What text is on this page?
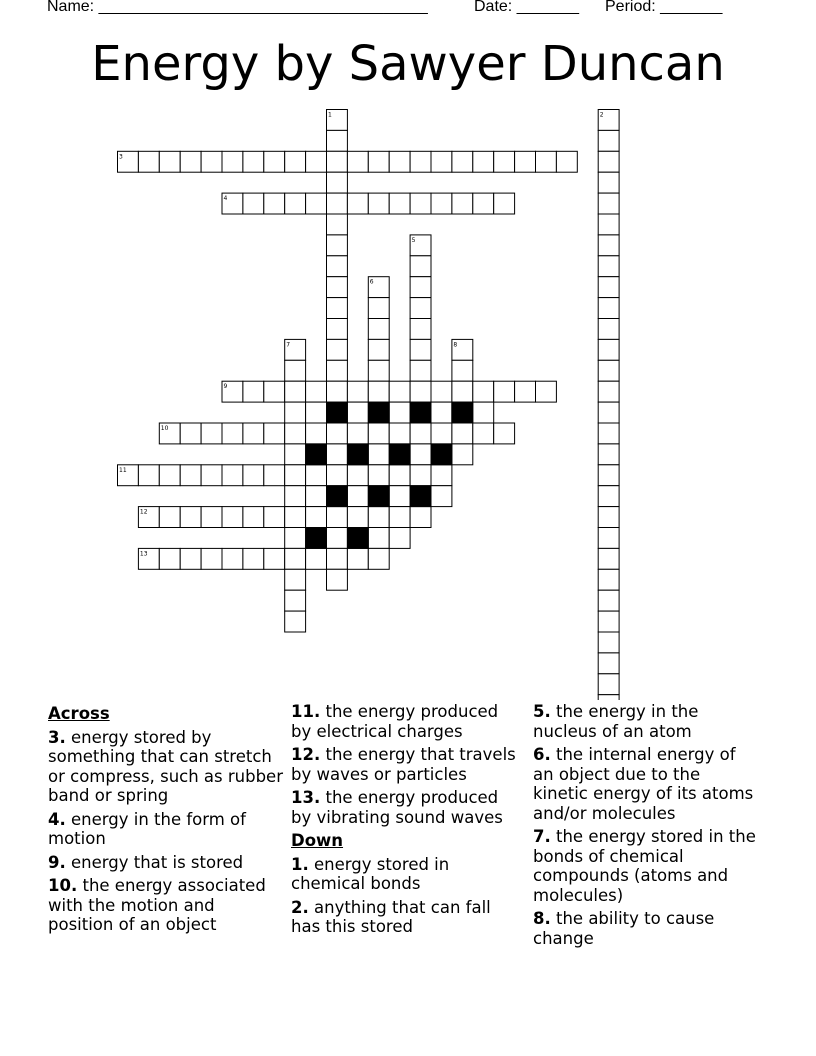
Name: _____________________________________

	Date: _______

Period: _______

Energy by Sawyer Duncan
1	2
3
4
5
6
7	8
9
10
11
12
13
Across
3. energy stored by something that can stretch or compress, such as rubber band or spring
4. energy in the form of motion
9. energy that is stored
10. the energy associated with the motion and position of an object
11. the energy produced by electrical charges
12. the energy that travels by waves or particles
13. the energy produced by vibrating sound waves
Down
1. energy stored in chemical bonds
2. anything that can fall has this stored
5. the energy in the nucleus of an atom
6. the internal energy of an object due to the kinetic energy of its atoms and/or molecules
7. the energy stored in the bonds of chemical compounds (atoms and molecules)
8. the ability to cause change
